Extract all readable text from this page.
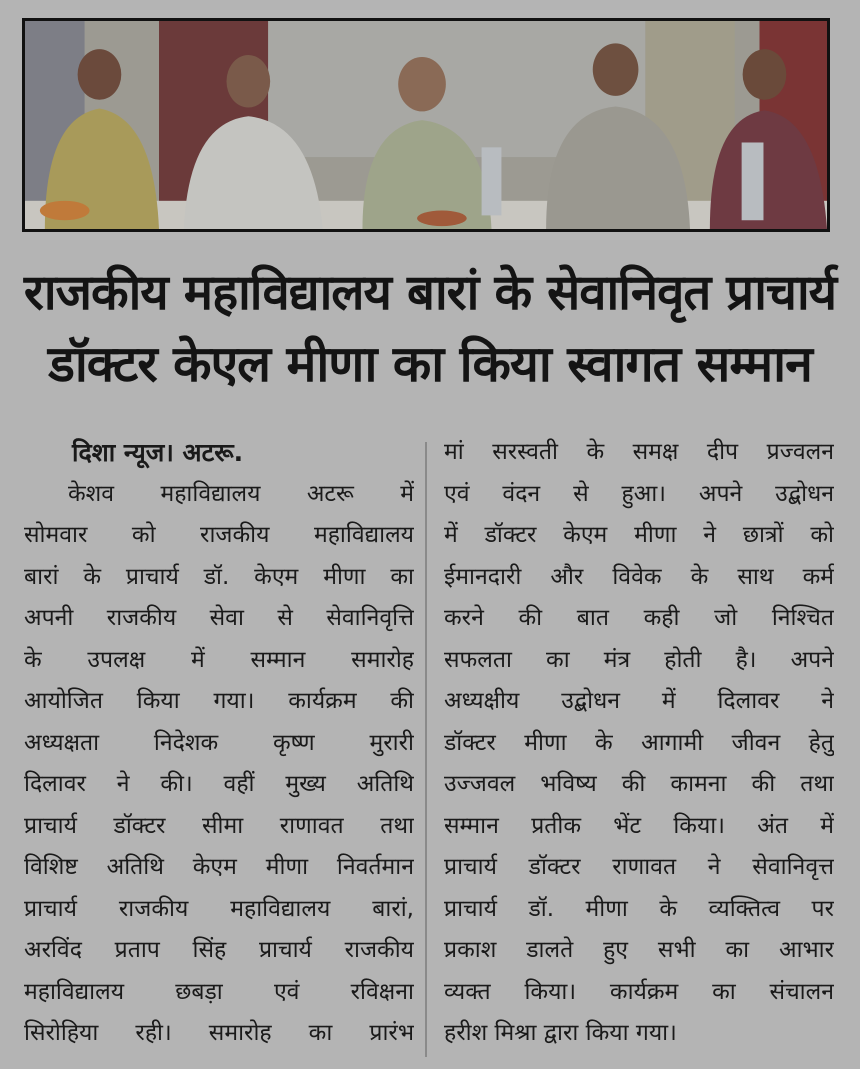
राजकीय महाविद्यालय बारां के सेवानिवृत प्राचार्य
डॉक्टर केएल मीणा का किया स्वागत सम्मान
दिशा न्यूज। अटरू.
केशव महाविद्यालय अटरू में
सोमवार को राजकीय महाविद्यालय
बारां के प्राचार्य डॉ. केएम मीणा का
अपनी राजकीय सेवा से सेवानिवृत्ति
के उपलक्ष में सम्मान समारोह
आयोजित किया गया। कार्यक्रम की
अध्यक्षता निदेशक कृष्ण मुरारी
दिलावर ने की। वहीं मुख्य अतिथि
प्राचार्य डॉक्टर सीमा राणावत तथा
विशिष्ट अतिथि केएम मीणा निवर्तमान
प्राचार्य राजकीय महाविद्यालय बारां,
अरविंद प्रताप सिंह प्राचार्य राजकीय
महाविद्यालय छबड़ा एवं रविक्षना
सिरोहिया रही। समारोह का प्रारंभ
मां सरस्वती के समक्ष दीप प्रज्वलन
एवं वंदन से हुआ। अपने उद्बोधन
में डॉक्टर केएम मीणा ने छात्रों को
ईमानदारी और विवेक के साथ कर्म
करने की बात कही जो निश्चित
सफलता का मंत्र होती है। अपने
अध्यक्षीय उद्बोधन में दिलावर ने
डॉक्टर मीणा के आगामी जीवन हेतु
उज्जवल भविष्य की कामना की तथा
सम्मान प्रतीक भेंट किया। अंत में
प्राचार्य डॉक्टर राणावत ने सेवानिवृत्त
प्राचार्य डॉ. मीणा के व्यक्तित्व पर
प्रकाश डालते हुए सभी का आभार
व्यक्त किया। कार्यक्रम का संचालन
हरीश मिश्रा द्वारा किया गया।
